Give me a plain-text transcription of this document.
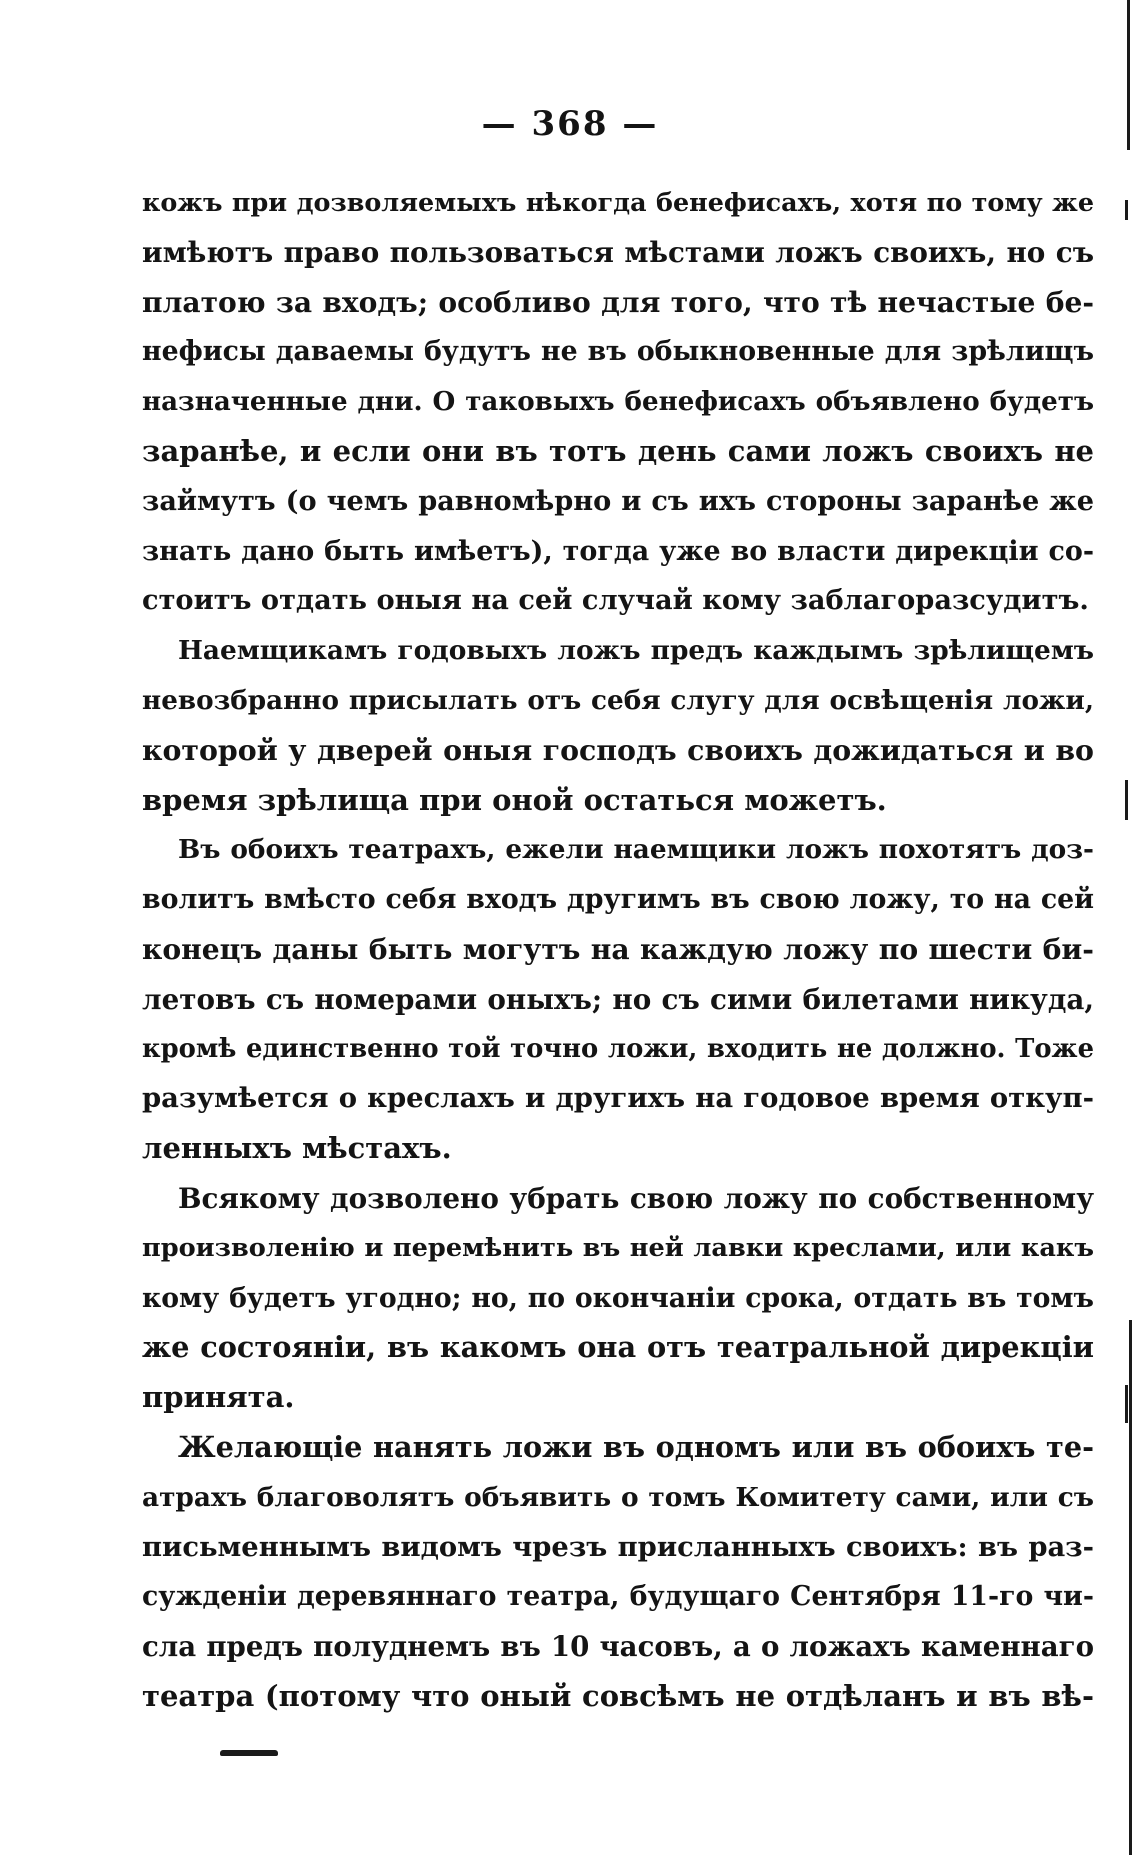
— 368 —
кожъ при дозволяемыхъ нѣкогда бенефисахъ, хотя по тому же
имѣютъ право пользоваться мѣстами ложъ своихъ, но съ
платою за входъ; особливо для того, что тѣ нечастые бе-
нефисы даваемы будутъ не въ обыкновенные для зрѣлищъ
назначенные дни. О таковыхъ бенефисахъ объявлено будетъ
заранѣе, и если они въ тотъ день сами ложъ своихъ не
займутъ (о чемъ равномѣрно и съ ихъ стороны заранѣе же
знать дано быть имѣетъ), тогда уже во власти дирекціи со-
стоитъ отдать оныя на сей случай кому заблагоразсудитъ.
Наемщикамъ годовыхъ ложъ предъ каждымъ зрѣлищемъ
невозбранно присылать отъ себя слугу для освѣщенія ложи,
которой у дверей оныя господъ своихъ дожидаться и во
время зрѣлища при оной остаться можетъ.
Въ обоихъ театрахъ, ежели наемщики ложъ похотятъ доз-
волитъ вмѣсто себя входъ другимъ въ свою ложу, то на сей
конецъ даны быть могутъ на каждую ложу по шести би-
летовъ съ номерами оныхъ; но съ сими билетами никуда,
кромѣ единственно той точно ложи, входить не должно. Тоже
разумѣется о креслахъ и другихъ на годовое время откуп-
ленныхъ мѣстахъ.
Всякому дозволено убрать свою ложу по собственному
произволенію и перемѣнить въ ней лавки креслами, или какъ
кому будетъ угодно; но, по окончаніи срока, отдать въ томъ
же состояніи, въ какомъ она отъ театральной дирекціи
принята.
Желающіе нанять ложи въ одномъ или въ обоихъ те-
атрахъ благоволятъ объявить о томъ Комитету сами, или съ
письменнымъ видомъ чрезъ присланныхъ своихъ: въ раз-
сужденіи деревяннаго театра, будущаго Сентября 11-го чи-
сла предъ полуднемъ въ 10 часовъ, а о ложахъ каменнаго
театра (потому что оный совсѣмъ не отдѣланъ и въ вѣ-
